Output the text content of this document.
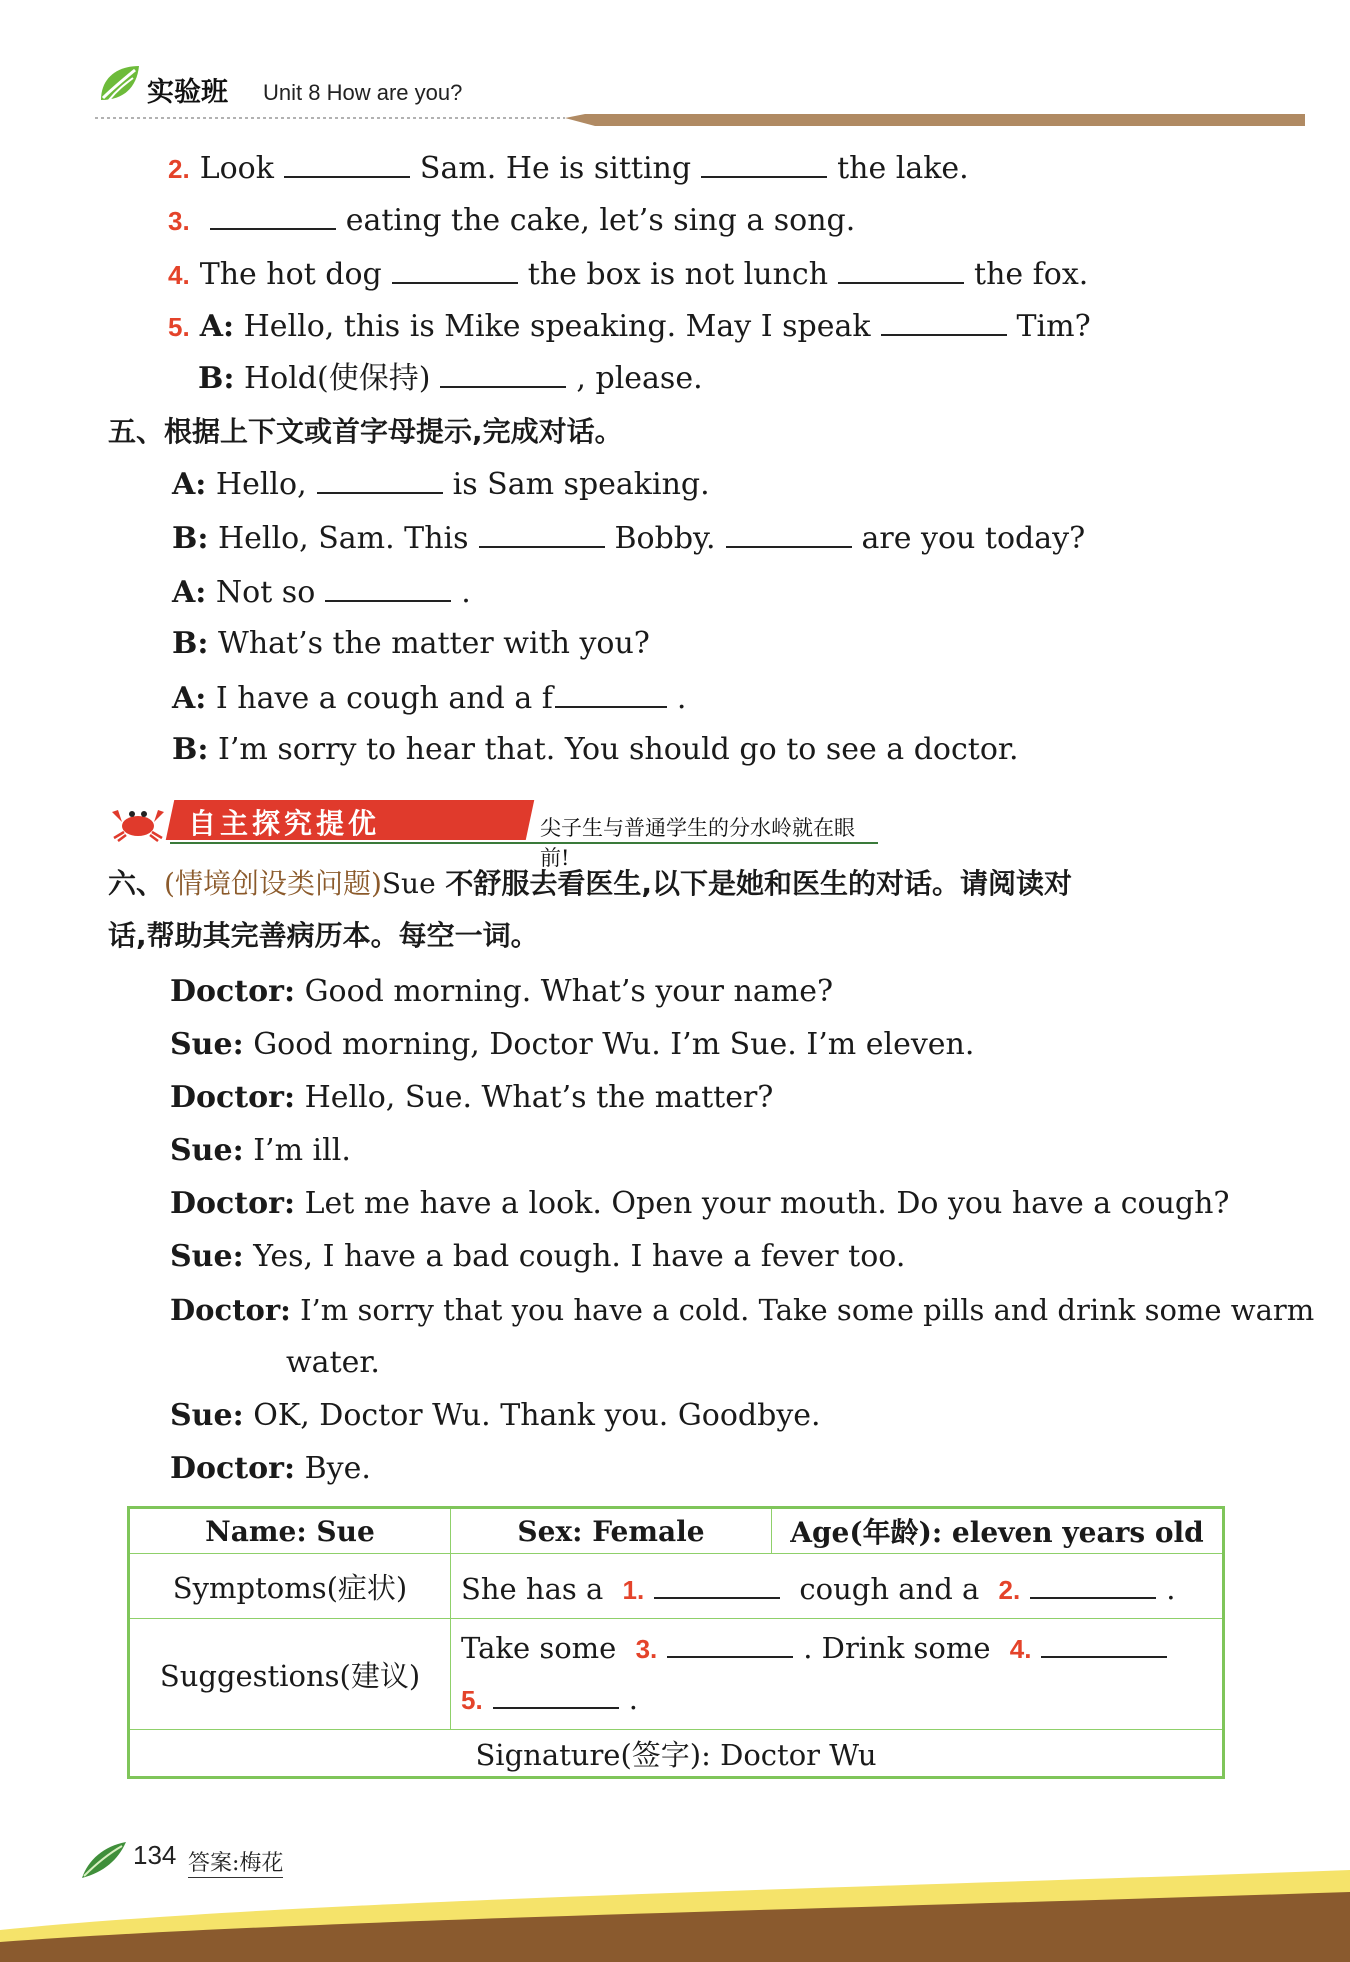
实验班 Unit 8 How are you?
2. Look	Sam. He is sitting	the lake.
3.	eating the cake, let’s sing a song.
4. The hot dog	the box is not lunch	the fox.
5. A: Hello, this is Mike speaking. May I speak	Tim?
B: Hold(使保持)	, please.
五、根据上下文或首字母提示,完成对话。
A: Hello,	is Sam speaking.
B: Hello, Sam. This	Bobby.	are you today?
A: Not so	.
B: What’s the matter with you?
A: I have a cough and a f	.
B: I’m sorry to hear that. You should go to see a doctor.
自主探究提优	尖子生与普通学生的分水岭就在眼前!
六、(情境创设类问题)Sue 不舒服去看医生,以下是她和医生的对话。请阅读对
话,帮助其完善病历本。每空一词。
Doctor: Good morning. What’s your name?
Sue: Good morning, Doctor Wu. I’m Sue. I’m eleven.
Doctor: Hello, Sue. What’s the matter?
Sue: I’m ill.
Doctor: Let me have a look. Open your mouth. Do you have a cough?
Sue: Yes, I have a bad cough. I have a fever too.
Doctor: I’m sorry that you have a cold. Take some pills and drink some warm
water.
Sue: OK, Doctor Wu. Thank you. Goodbye.
Doctor: Bye.
Name: Sue	Sex: Female	Age(年龄): eleven years old
Symptoms(症状)	She has a 1. cough and a 2. .	
Suggestions(建议)	Take some 3. . Drink some 4.
5. .	

Signature(签字): Doctor Wu		
134 答案:梅花
